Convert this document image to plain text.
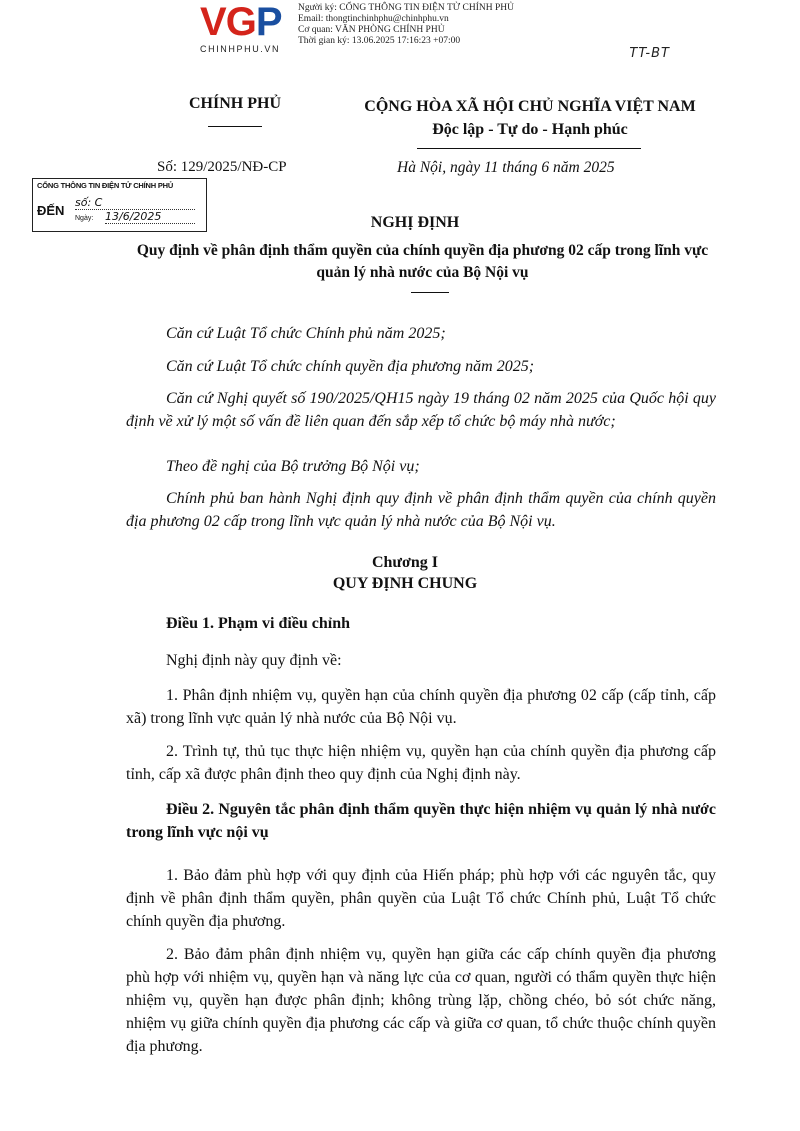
VGP
CHINHPHU.VN
Người ký: CỔNG THÔNG TIN ĐIỆN TỬ CHÍNH PHỦ
Email: thongtinchinhphu@chinhphu.vn
Cơ quan: VĂN PHÒNG CHÍNH PHỦ
Thời gian ký: 13.06.2025 17:16:23 +07:00
TT-BT
CHÍNH PHỦ	CỘNG HÒA XÃ HỘI CHỦ NGHĨA VIỆT NAM
Độc lập - Tự do - Hạnh phúc
Số: 129/2025/NĐ-CP	Hà Nội, ngày 11 tháng 6 năm 2025
CỔNG THÔNG TIN ĐIỆN TỬ CHÍNH PHỦ
ĐẾN
số: C
Ngày: 13/6/2025	NGHỊ ĐỊNH
Quy định về phân định thẩm quyền của chính quyền địa phương 02 cấp trong lĩnh vực quản lý nhà nước của Bộ Nội vụ
Căn cứ Luật Tổ chức Chính phủ năm 2025;
Căn cứ Luật Tổ chức chính quyền địa phương năm 2025;
Căn cứ Nghị quyết số 190/2025/QH15 ngày 19 tháng 02 năm 2025 của Quốc hội quy định về xử lý một số vấn đề liên quan đến sắp xếp tổ chức bộ máy nhà nước;
Theo đề nghị của Bộ trưởng Bộ Nội vụ;
Chính phủ ban hành Nghị định quy định về phân định thẩm quyền của chính quyền địa phương 02 cấp trong lĩnh vực quản lý nhà nước của Bộ Nội vụ.
Chương I
QUY ĐỊNH CHUNG
Điều 1. Phạm vi điều chỉnh
Nghị định này quy định về:
1. Phân định nhiệm vụ, quyền hạn của chính quyền địa phương 02 cấp (cấp tỉnh, cấp xã) trong lĩnh vực quản lý nhà nước của Bộ Nội vụ.
2. Trình tự, thủ tục thực hiện nhiệm vụ, quyền hạn của chính quyền địa phương cấp tỉnh, cấp xã được phân định theo quy định của Nghị định này.
Điều 2. Nguyên tắc phân định thẩm quyền thực hiện nhiệm vụ quản lý nhà nước trong lĩnh vực nội vụ
1. Bảo đảm phù hợp với quy định của Hiến pháp; phù hợp với các nguyên tắc, quy định về phân định thẩm quyền, phân quyền của Luật Tổ chức Chính phủ, Luật Tổ chức chính quyền địa phương.
2. Bảo đảm phân định nhiệm vụ, quyền hạn giữa các cấp chính quyền địa phương phù hợp với nhiệm vụ, quyền hạn và năng lực của cơ quan, người có thẩm quyền thực hiện nhiệm vụ, quyền hạn được phân định; không trùng lặp, chồng chéo, bỏ sót chức năng, nhiệm vụ giữa chính quyền địa phương các cấp và giữa cơ quan, tổ chức thuộc chính quyền địa phương.
